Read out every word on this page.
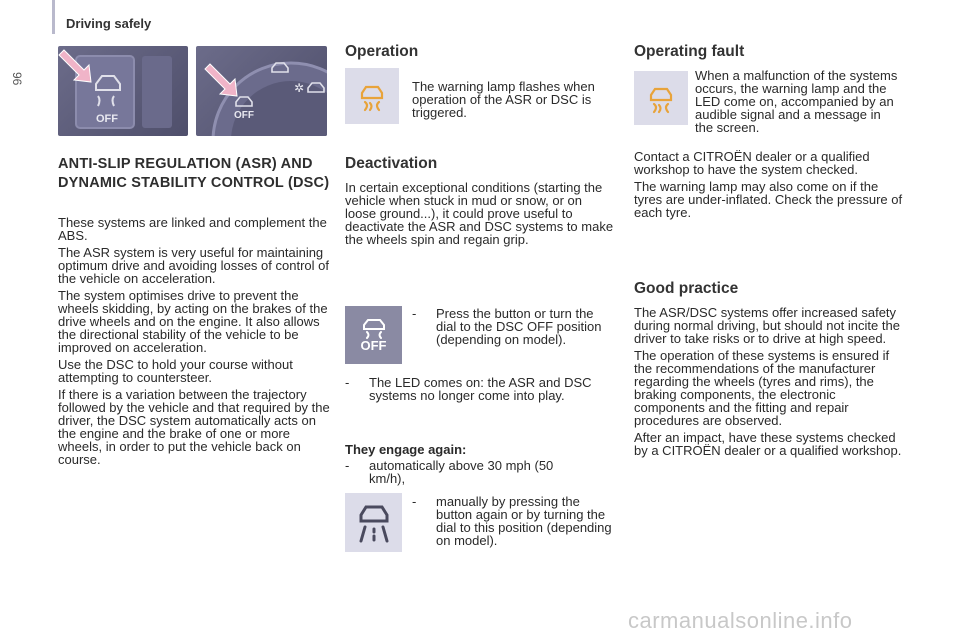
Driving safely
96
OFF	OFF
✲
ANTI-SLIP REGULATION (ASR) AND DYNAMIC STABILITY CONTROL (DSC)

These systems are linked and complement the ABS.

The ASR system is very useful for maintaining optimum drive and avoiding losses of control of the vehicle on acceleration.

The system optimises drive to prevent the wheels skidding, by acting on the brakes of the drive wheels and on the engine. It also allows the directional stability of the vehicle to be improved on acceleration.

Use the DSC to hold your course without attempting to countersteer.

If there is a variation between the trajectory followed by the vehicle and that required by the driver, the DSC system automatically acts on the engine and the brake of one or more wheels, in order to put the vehicle back on course.

Operation

The warning lamp flashes when operation of the ASR or DSC is triggered.

Deactivation

In certain exceptional conditions (starting the vehicle when stuck in mud or snow, or on loose ground...), it could prove useful to deactivate the ASR and DSC systems to make the wheels spin and regain grip.

OFF
-	Press the button or turn the dial to the DSC OFF position (depending on model).
-	The LED comes on: the ASR and DSC systems no longer come into play.
They engage again:
-	automatically above 30 mph (50 km/h),
-	manually by pressing the button again or by turning the dial to this position (depending on model).
Operating fault

When a malfunction of the systems occurs, the warning lamp and the LED come on, accompanied by an audible signal and a message in the screen.

Contact a CITROËN dealer or a qualified workshop to have the system checked.

The warning lamp may also come on if the tyres are under-inflated. Check the pressure of each tyre.

Good practice

The ASR/DSC systems offer increased safety during normal driving, but should not incite the driver to take risks or to drive at high speed.

The operation of these systems is ensured if the recommendations of the manufacturer regarding the wheels (tyres and rims), the braking components, the electronic components and the fitting and repair procedures are observed.

After an impact, have these systems checked by a CITROËN dealer or a qualified workshop.

carmanualsonline.info
